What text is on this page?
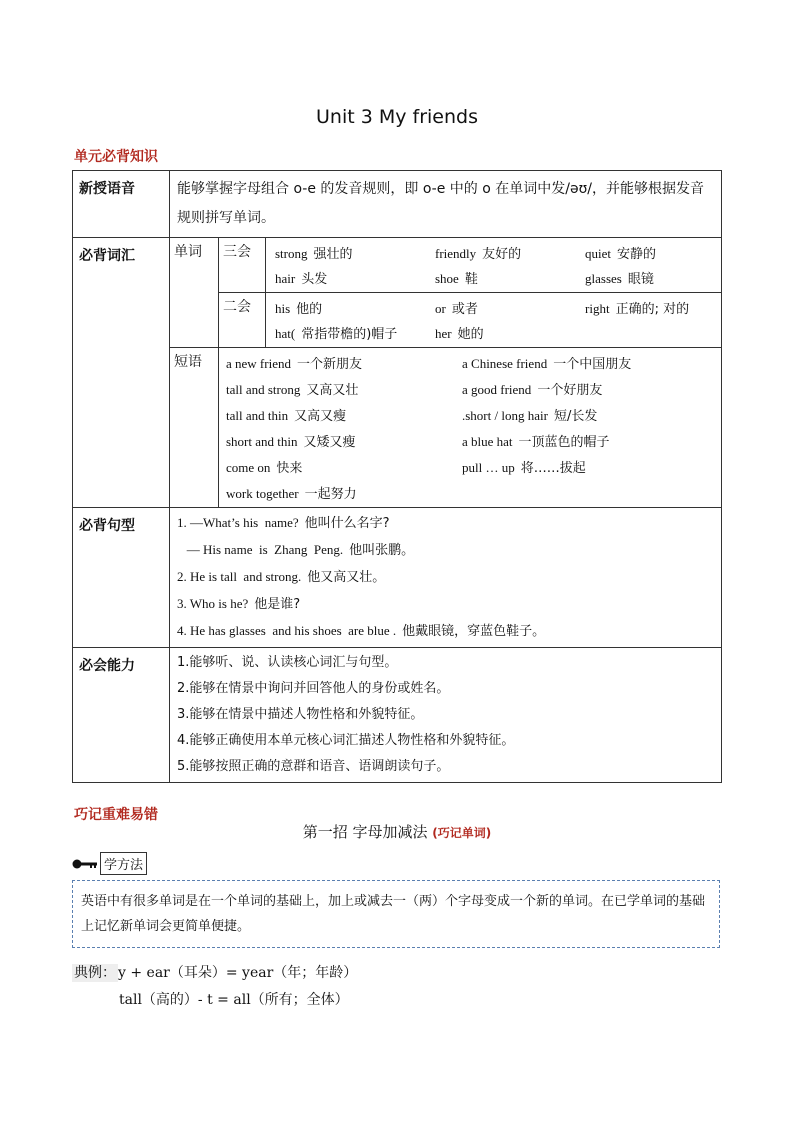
Unit 3 My friends
单元必背知识
新授语音	能够掌握字母组合 o-e 的发音规则，即 o-e 中的 o 在单词中发/əʊ/，并能够根据发音规则拼写单词。
必背词汇		单词	三会	strong 强壮的	friendly 友好的	quiet 安静的
hair 头发	shoe 鞋	glasses 眼镜

二会	his 他的	or 或者	right 正确的; 对的
hat( 常指带檐的)帽子	her 她的

短语	a new friend 一个新朋友	a Chinese friend 一个中国朋友
tall and strong 又高又壮	a good friend 一个好朋友
tall and thin 又高又瘦	.short / long hair 短/长发
short and thin 又矮又瘦	a blue hat 一顶蓝色的帽子
come on 快来	pull … up 将……拔起
work together 一起努力

必背句型	1. —What’s his  name? 他叫什么名字?
— His name  is  Zhang  Peng. 他叫张鹏。
2. He is tall  and strong. 他又高又壮。
3. Who is he? 他是谁?
4. He has glasses  and his shoes  are blue . 他戴眼镜，穿蓝色鞋子。

必会能力	1.能够听、说、认读核心词汇与句型。
2.能够在情景中询问并回答他人的身份或姓名。
3.能够在情景中描述人物性格和外貌特征。
4.能够正确使用本单元核心词汇描述人物性格和外貌特征。
5.能够按照正确的意群和语音、语调朗读句子。
巧记重难易错
第一招 字母加减法 (巧记单词)
学方法
英语中有很多单词是在一个单词的基础上，加上或减去一（两）个字母变成一个新的单词。在已学单词的基础上记忆新单词会更简单便捷。
典例： y + ear（耳朵）= year（年；年龄）
tall（高的）- t = all（所有；全体）
